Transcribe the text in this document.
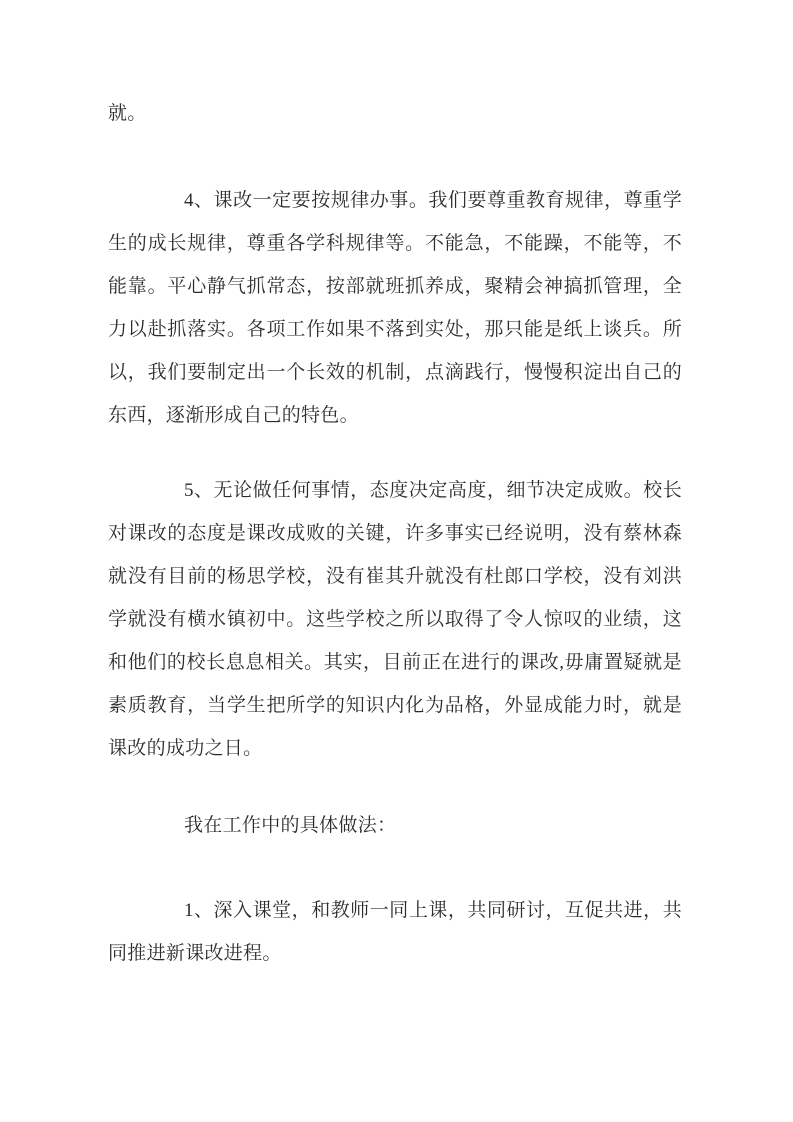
就。

4、课改一定要按规律办事。我们要尊重教育规律，尊重学生的成长规律，尊重各学科规律等。不能急，不能躁，不能等，不能靠。平心静气抓常态，按部就班抓养成，聚精会神搞抓管理，全力以赴抓落实。各项工作如果不落到实处，那只能是纸上谈兵。所以，我们要制定出一个长效的机制，点滴践行，慢慢积淀出自己的东西，逐渐形成自己的特色。

5、无论做任何事情，态度决定高度，细节决定成败。校长对课改的态度是课改成败的关键，许多事实已经说明，没有蔡林森就没有目前的杨思学校，没有崔其升就没有杜郎口学校，没有刘洪学就没有横水镇初中。这些学校之所以取得了令人惊叹的业绩，这和他们的校长息息相关。其实，目前正在进行的课改,毋庸置疑就是素质教育，当学生把所学的知识内化为品格，外显成能力时，就是课改的成功之日。

我在工作中的具体做法：

1、深入课堂，和教师一同上课，共同研讨，互促共进，共同推进新课改进程。
